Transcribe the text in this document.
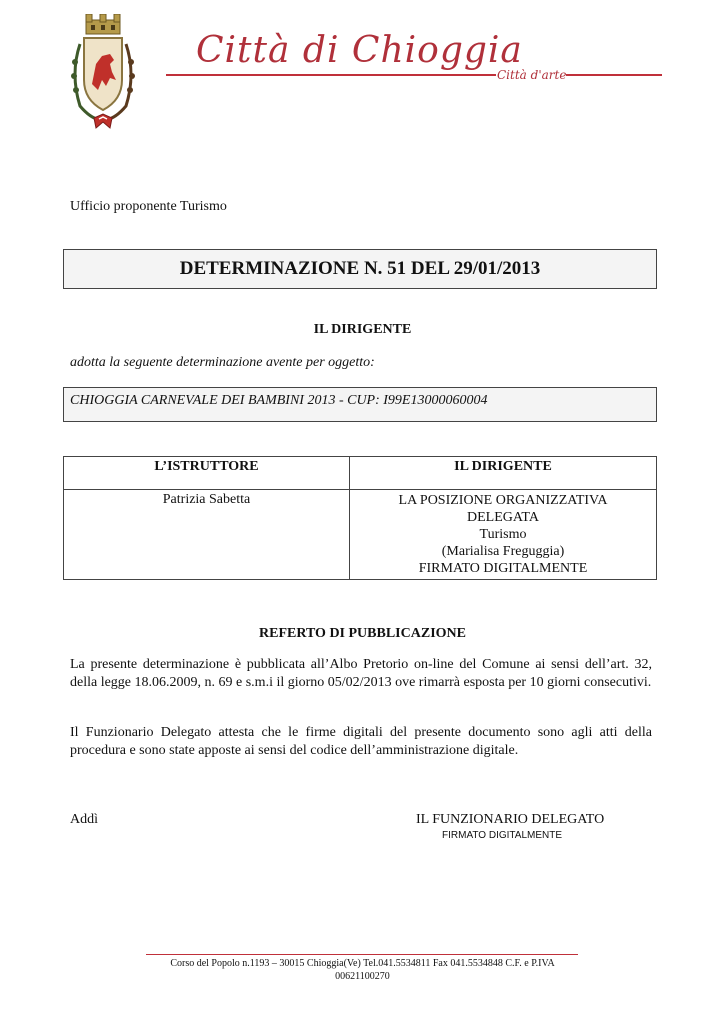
Città di Chioggia
Città d'arte
Ufficio proponente Turismo
DETERMINAZIONE N. 51 DEL 29/01/2013
IL DIRIGENTE
adotta la seguente determinazione avente per oggetto:
CHIOGGIA CARNEVALE DEI BAMBINI 2013 - CUP: I99E13000060004
L’ISTRUTTORE	IL DIRIGENTE
Patrizia Sabetta	LA POSIZIONE ORGANIZZATIVA
DELEGATA
Turismo
(Marialisa Freguggia)
FIRMATO DIGITALMENTE
REFERTO DI PUBBLICAZIONE
La presente determinazione è pubblicata all’Albo Pretorio on-line del Comune ai sensi dell’art. 32, della legge 18.06.2009, n. 69 e s.m.i il giorno 05/02/2013 ove rimarrà esposta per 10 giorni consecutivi.
Il Funzionario Delegato attesta che le firme digitali del presente documento sono agli atti della procedura e sono state apposte ai sensi del codice dell’amministrazione digitale.
Addì	IL FUNZIONARIO DELEGATO
FIRMATO DIGITALMENTE
Corso del Popolo n.1193 – 30015 Chioggia(Ve) Tel.041.5534811 Fax 041.5534848 C.F. e P.IVA
00621100270
